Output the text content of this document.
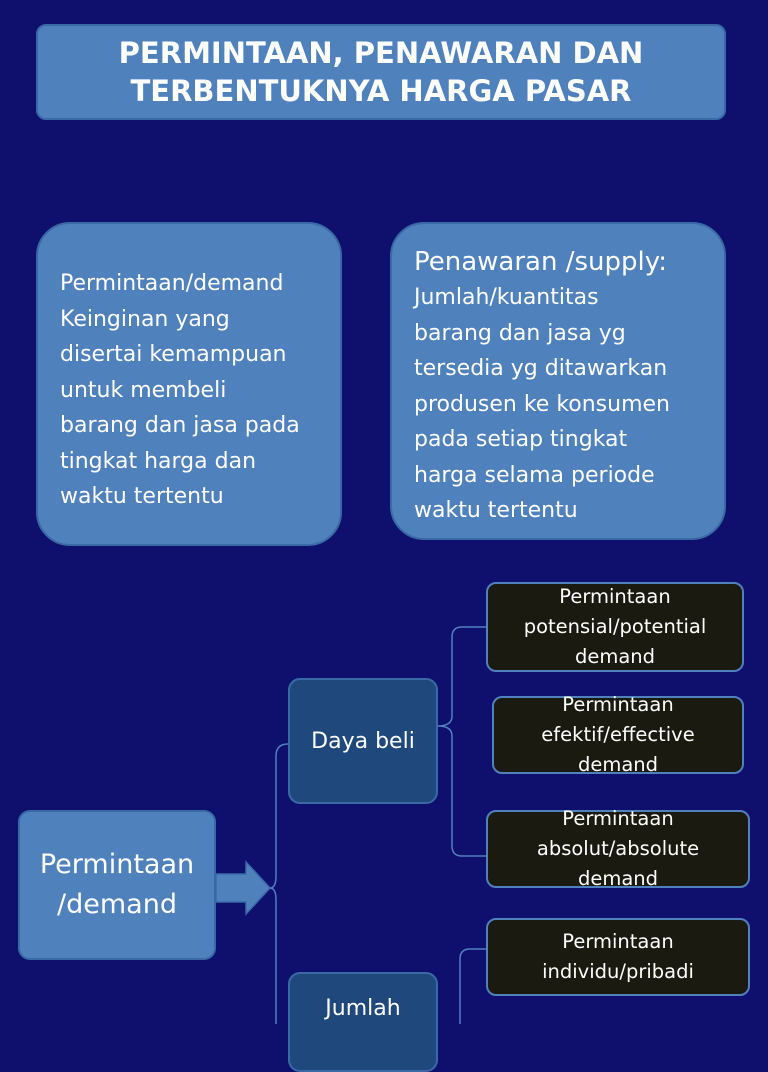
PERMINTAAN, PENAWARAN DAN
TERBENTUKNYA HARGA PASAR
Permintaan/demand
Keinginan yang
disertai kemampuan
untuk membeli
barang dan jasa pada
tingkat harga dan
waktu tertentu
Penawaran /supply:
Jumlah/kuantitas
barang dan jasa yg
tersedia yg ditawarkan
produsen ke konsumen
pada setiap tingkat
harga selama periode
waktu tertentu
Permintaan
/demand
Daya beli
Jumlah
Permintaan
potensial/potential
demand
Permintaan
efektif/effective
demand
Permintaan
absolut/absolute
demand
Permintaan
individu/pribadi
